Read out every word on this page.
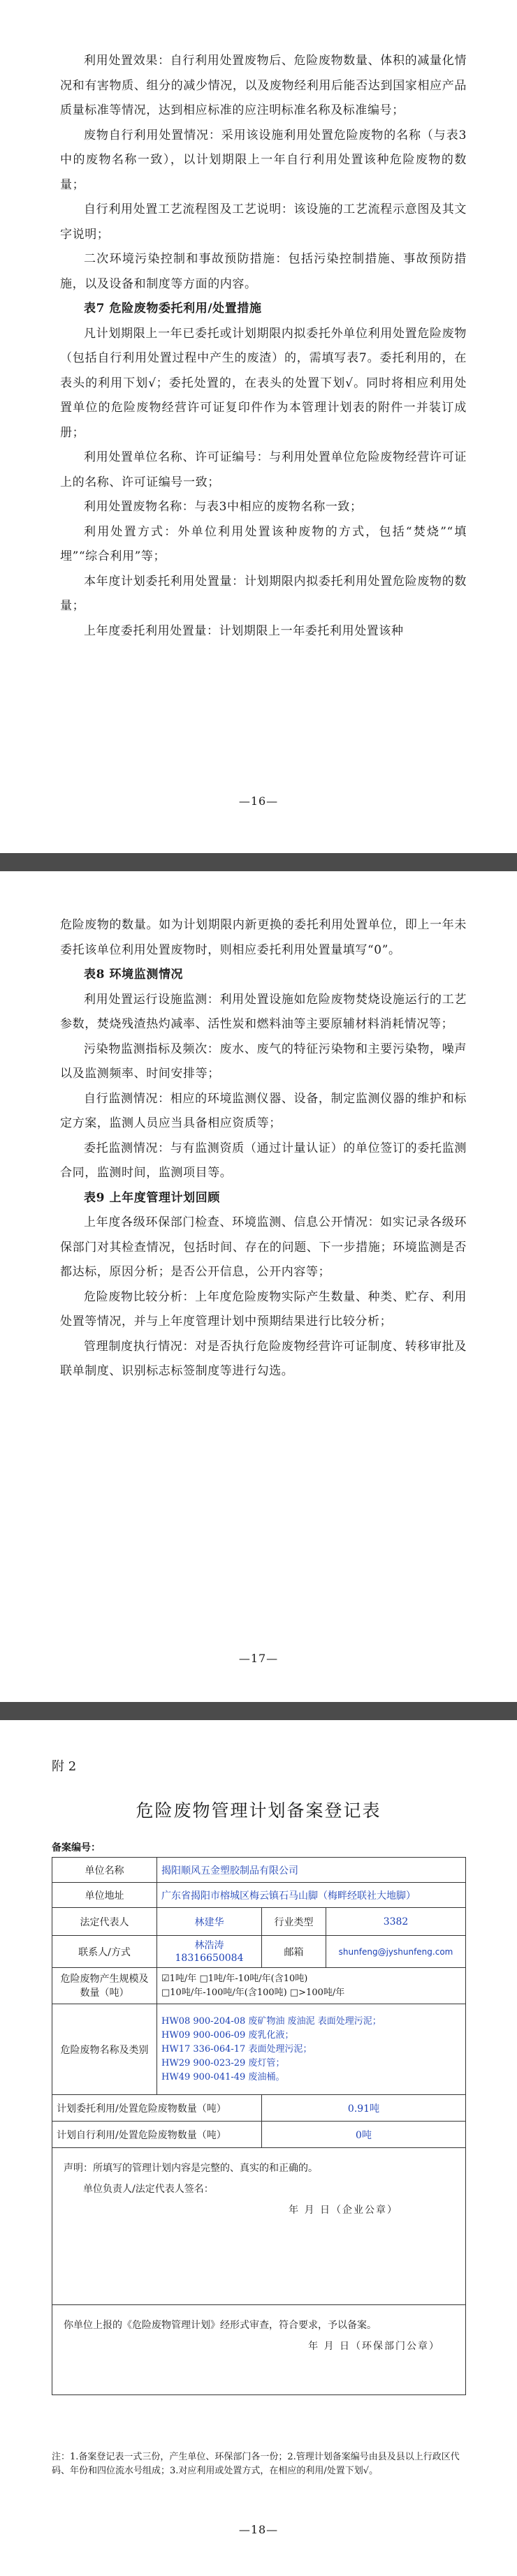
利用处置效果：自行利用处置废物后、危险废物数量、体积的减量化情况和有害物质、组分的减少情况，以及废物经利用后能否达到国家相应产品质量标准等情况，达到相应标准的应注明标准名称及标准编号；

废物自行利用处置情况：采用该设施利用处置危险废物的名称（与表3中的废物名称一致），以计划期限上一年自行利用处置该种危险废物的数量；

自行利用处置工艺流程图及工艺说明：该设施的工艺流程示意图及其文字说明；

二次环境污染控制和事故预防措施：包括污染控制措施、事故预防措施，以及设备和制度等方面的内容。

表7 危险废物委托利用/处置措施

凡计划期限上一年已委托或计划期限内拟委托外单位利用处置危险废物（包括自行利用处置过程中产生的废渣）的，需填写表7。委托利用的，在表头的利用下划√；委托处置的，在表头的处置下划√。同时将相应利用处置单位的危险废物经营许可证复印件作为本管理计划表的附件一并装订成册；

利用处置单位名称、许可证编号：与利用处置单位危险废物经营许可证上的名称、许可证编号一致；

利用处置废物名称：与表3中相应的废物名称一致；

利用处置方式：外单位利用处置该种废物的方式，包括“焚烧”“填埋”“综合利用”等；

本年度计划委托利用处置量：计划期限内拟委托利用处置危险废物的数量；

上年度委托利用处置量：计划期限上一年委托利用处置该种

—16—

危险废物的数量。如为计划期限内新更换的委托利用处置单位，即上一年未委托该单位利用处置废物时，则相应委托利用处置量填写“0”。

表8 环境监测情况

利用处置运行设施监测：利用处置设施如危险废物焚烧设施运行的工艺参数，焚烧残渣热灼减率、活性炭和燃料油等主要原辅材料消耗情况等；

污染物监测指标及频次：废水、废气的特征污染物和主要污染物，噪声以及监测频率、时间安排等；

自行监测情况：相应的环境监测仪器、设备，制定监测仪器的维护和标定方案，监测人员应当具备相应资质等；

委托监测情况：与有监测资质（通过计量认证）的单位签订的委托监测合同，监测时间，监测项目等。

表9 上年度管理计划回顾

上年度各级环保部门检查、环境监测、信息公开情况：如实记录各级环保部门对其检查情况，包括时间、存在的问题、下一步措施；环境监测是否都达标，原因分析；是否公开信息，公开内容等；

危险废物比较分析：上年度危险废物实际产生数量、种类、贮存、利用处置等情况，并与上年度管理计划中预期结果进行比较分析；

管理制度执行情况：对是否执行危险废物经营许可证制度、转移审批及联单制度、识别标志标签制度等进行勾选。

—17—
附 2
危险废物管理计划备案登记表
备案编号：
单位名称	揭阳顺风五金塑胶制品有限公司		
单位地址	广东省揭阳市榕城区梅云镇石马山脚（梅畔经联社大地脚）		
法定代表人	林建华	行业类型	3382
联系人/方式	林浩涛
18316650084	邮箱	shunfeng@jyshunfeng.com
危险废物产生规模及数量（吨）	☑1吨/年 □1吨/年-10吨/年(含10吨)
□10吨/年-100吨/年(含100吨) □>100吨/年		

危险废物名称及类别	HW08 900-204-08 废矿物油 废油泥 表面处理污泥；
HW09 900-006-09 废乳化液；
HW17 336-064-17 表面处理污泥；
HW29 900-023-29 废灯管；
HW49 900-041-49 废油桶。		

计划委托利用/处置危险废物数量（吨）		0.91吨	
计划自行利用/处置危险废物数量（吨）		0吨	
声明：所填写的管理计划内容是完整的、真实的和正确的。
单位负责人/法定代表人签名：
年 月 日（企业公章）			

你单位上报的《危险废物管理计划》经形式审查，符合要求，予以备案。
年 月 日（环保部门公章）			
注：1.备案登记表一式三份，产生单位、环保部门各一份；2.管理计划备案编号由县及县以上行政区代码、年份和四位流水号组成；3.对应利用或处置方式，在相应的利用/处置下划√。
—18—
